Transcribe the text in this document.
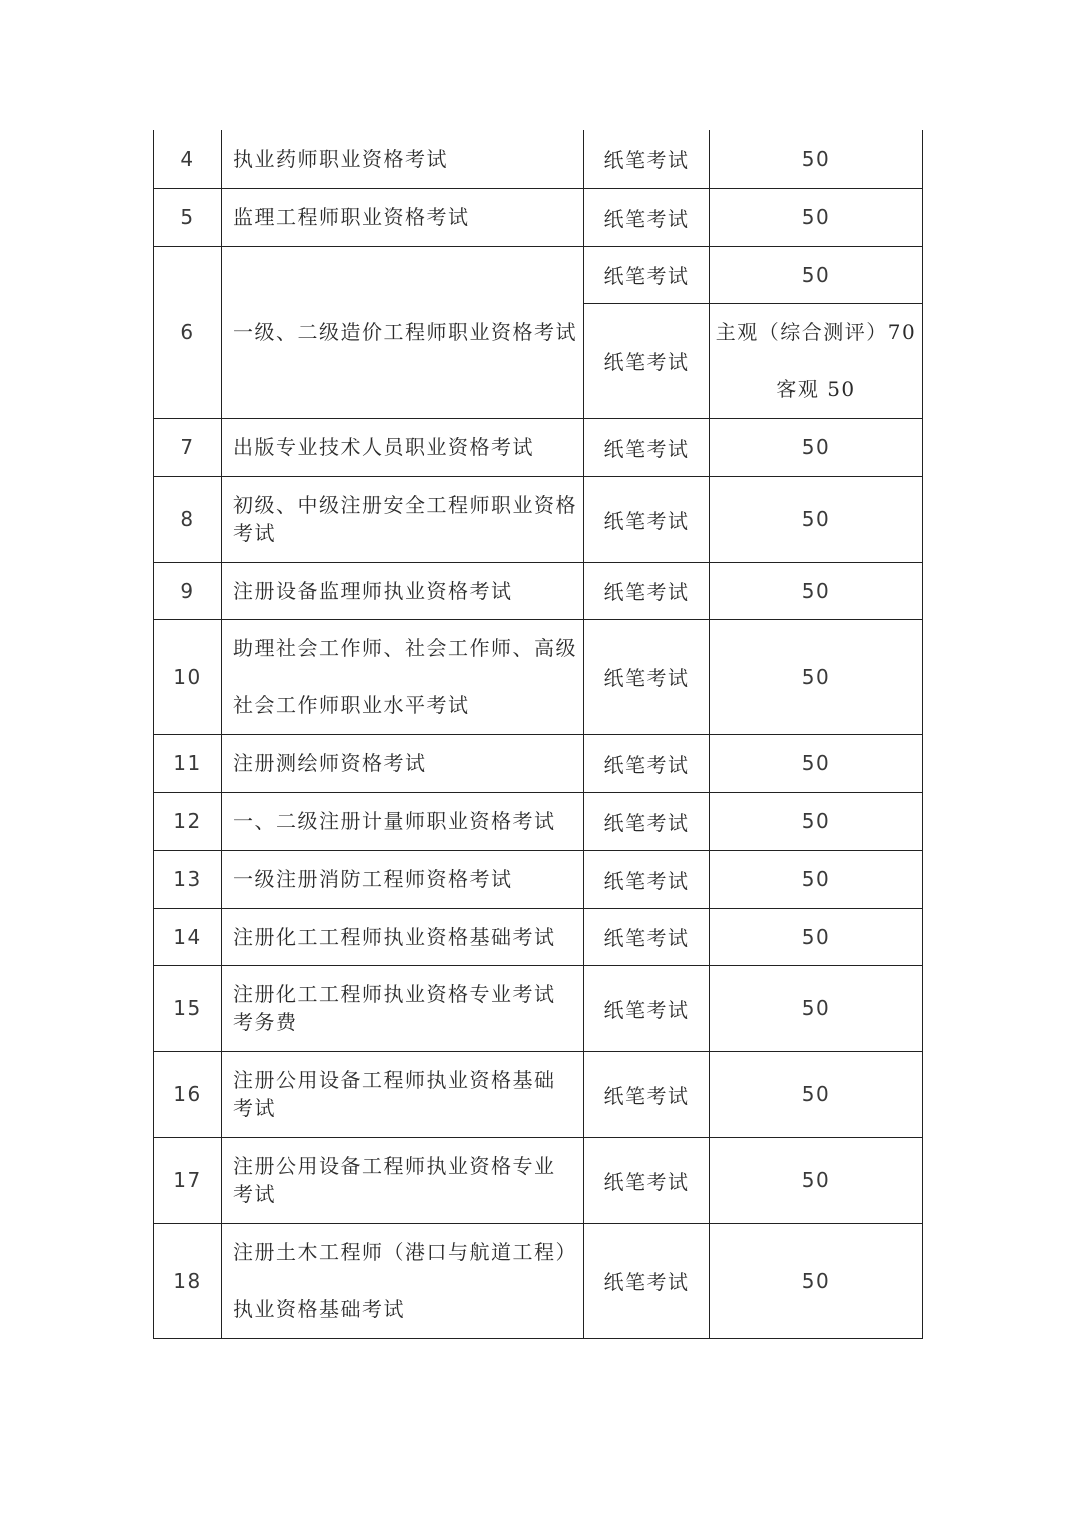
4	执业药师职业资格考试	纸笔考试	50
5	监理工程师职业资格考试	纸笔考试	50
6	一级、二级造价工程师职业资格考试	纸笔考试	50
		纸笔考试	主观（综合测评）70
客观 50

7	出版专业技术人员职业资格考试	纸笔考试	50
8	初级、中级注册安全工程师职业资格
考试	纸笔考试	50
9	注册设备监理师执业资格考试	纸笔考试	50
10	助理社会工作师、社会工作师、高级
社会工作师职业水平考试	纸笔考试	50
11	注册测绘师资格考试	纸笔考试	50
12	一、二级注册计量师职业资格考试	纸笔考试	50
13	一级注册消防工程师资格考试	纸笔考试	50
14	注册化工工程师执业资格基础考试	纸笔考试	50
15	注册化工工程师执业资格专业考试
考务费	纸笔考试	50
16	注册公用设备工程师执业资格基础
考试	纸笔考试	50
17	注册公用设备工程师执业资格专业
考试	纸笔考试	50
18	注册土木工程师（港口与航道工程）
执业资格基础考试	纸笔考试	50
